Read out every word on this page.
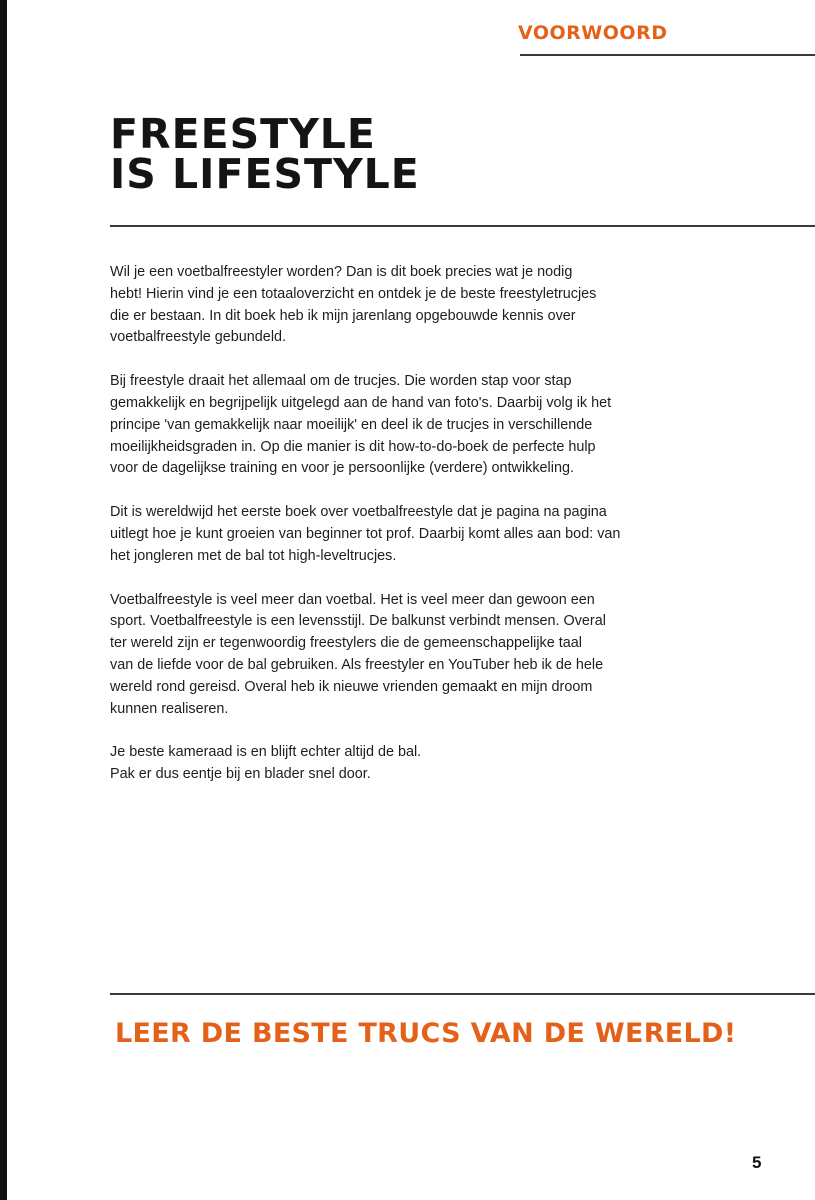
VOORWOORD
FREESTYLE
IS LIFESTYLE

Wil je een voetbalfreestyler worden? Dan is dit boek precies wat je nodig
hebt! Hierin vind je een totaaloverzicht en ontdek je de beste freestyletrucjes
die er bestaan. In dit boek heb ik mijn jarenlang opgebouwde kennis over
voetbalfreestyle gebundeld.

Bij freestyle draait het allemaal om de trucjes. Die worden stap voor stap
gemakkelijk en begrijpelijk uitgelegd aan de hand van foto's. Daarbij volg ik het
principe 'van gemakkelijk naar moeilijk' en deel ik de trucjes in verschillende
moeilijkheidsgraden in. Op die manier is dit how-to-do-boek de perfecte hulp
voor de dagelijkse training en voor je persoonlijke (verdere) ontwikkeling.

Dit is wereldwijd het eerste boek over voetbalfreestyle dat je pagina na pagina
uitlegt hoe je kunt groeien van beginner tot prof. Daarbij komt alles aan bod: van
het jongleren met de bal tot high-leveltrucjes.

Voetbalfreestyle is veel meer dan voetbal. Het is veel meer dan gewoon een
sport. Voetbalfreestyle is een levensstijl. De balkunst verbindt mensen. Overal
ter wereld zijn er tegenwoordig freestylers die de gemeenschappelijke taal
van de liefde voor de bal gebruiken. Als freestyler en YouTuber heb ik de hele
wereld rond gereisd. Overal heb ik nieuwe vrienden gemaakt en mijn droom
kunnen realiseren.

Je beste kameraad is en blijft echter altijd de bal.
Pak er dus eentje bij en blader snel door.

LEER DE BESTE TRUCS VAN DE WERELD!
5
